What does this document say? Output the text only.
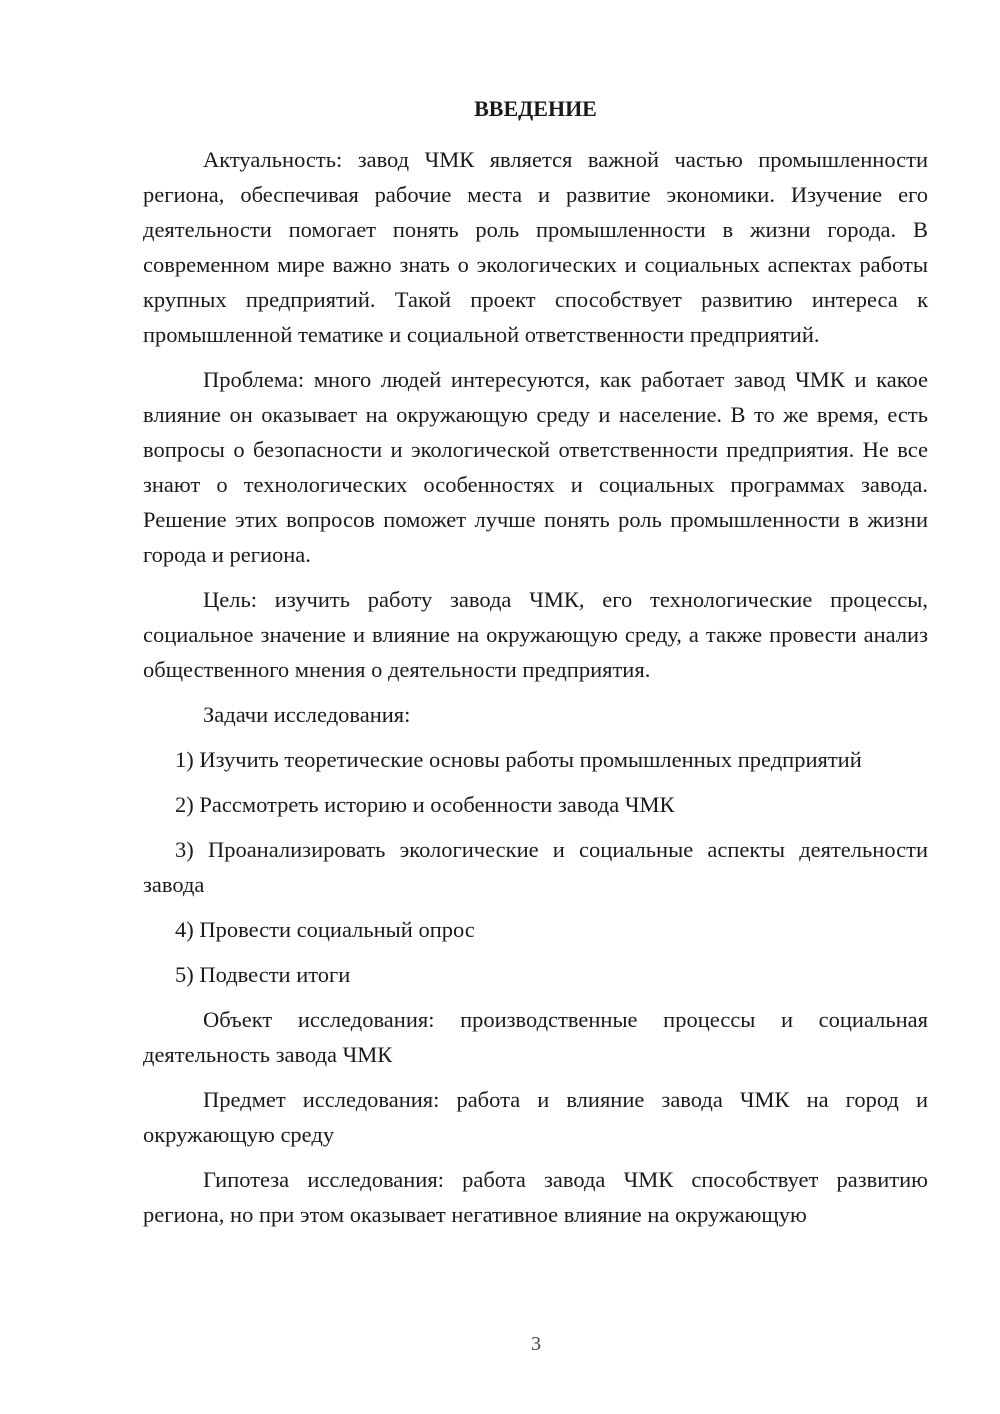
ВВЕДЕНИЕ

Актуальность: завод ЧМК является важной частью промышленности региона, обеспечивая рабочие места и развитие экономики. Изучение его деятельности помогает понять роль промышленности в жизни города. В современном мире важно знать о экологических и социальных аспектах работы крупных предприятий. Такой проект способствует развитию интереса к промышленной тематике и социальной ответственности предприятий.

Проблема: много людей интересуются, как работает завод ЧМК и какое влияние он оказывает на окружающую среду и население. В то же время, есть вопросы о безопасности и экологической ответственности предприятия. Не все знают о технологических особенностях и социальных программах завода. Решение этих вопросов поможет лучше понять роль промышленности в жизни города и региона.

Цель: изучить работу завода ЧМК, его технологические процессы, социальное значение и влияние на окружающую среду, а также провести анализ общественного мнения о деятельности предприятия.

Задачи исследования:

1) Изучить теоретические основы работы промышленных предприятий

2) Рассмотреть историю и особенности завода ЧМК

3) Проанализировать экологические и социальные аспекты деятельности завода

4) Провести социальный опрос

5) Подвести итоги

Объект исследования: производственные процессы и социальная деятельность завода ЧМК

Предмет исследования: работа и влияние завода ЧМК на город и окружающую среду

Гипотеза исследования: работа завода ЧМК способствует развитию региона, но при этом оказывает негативное влияние на окружающую

3
